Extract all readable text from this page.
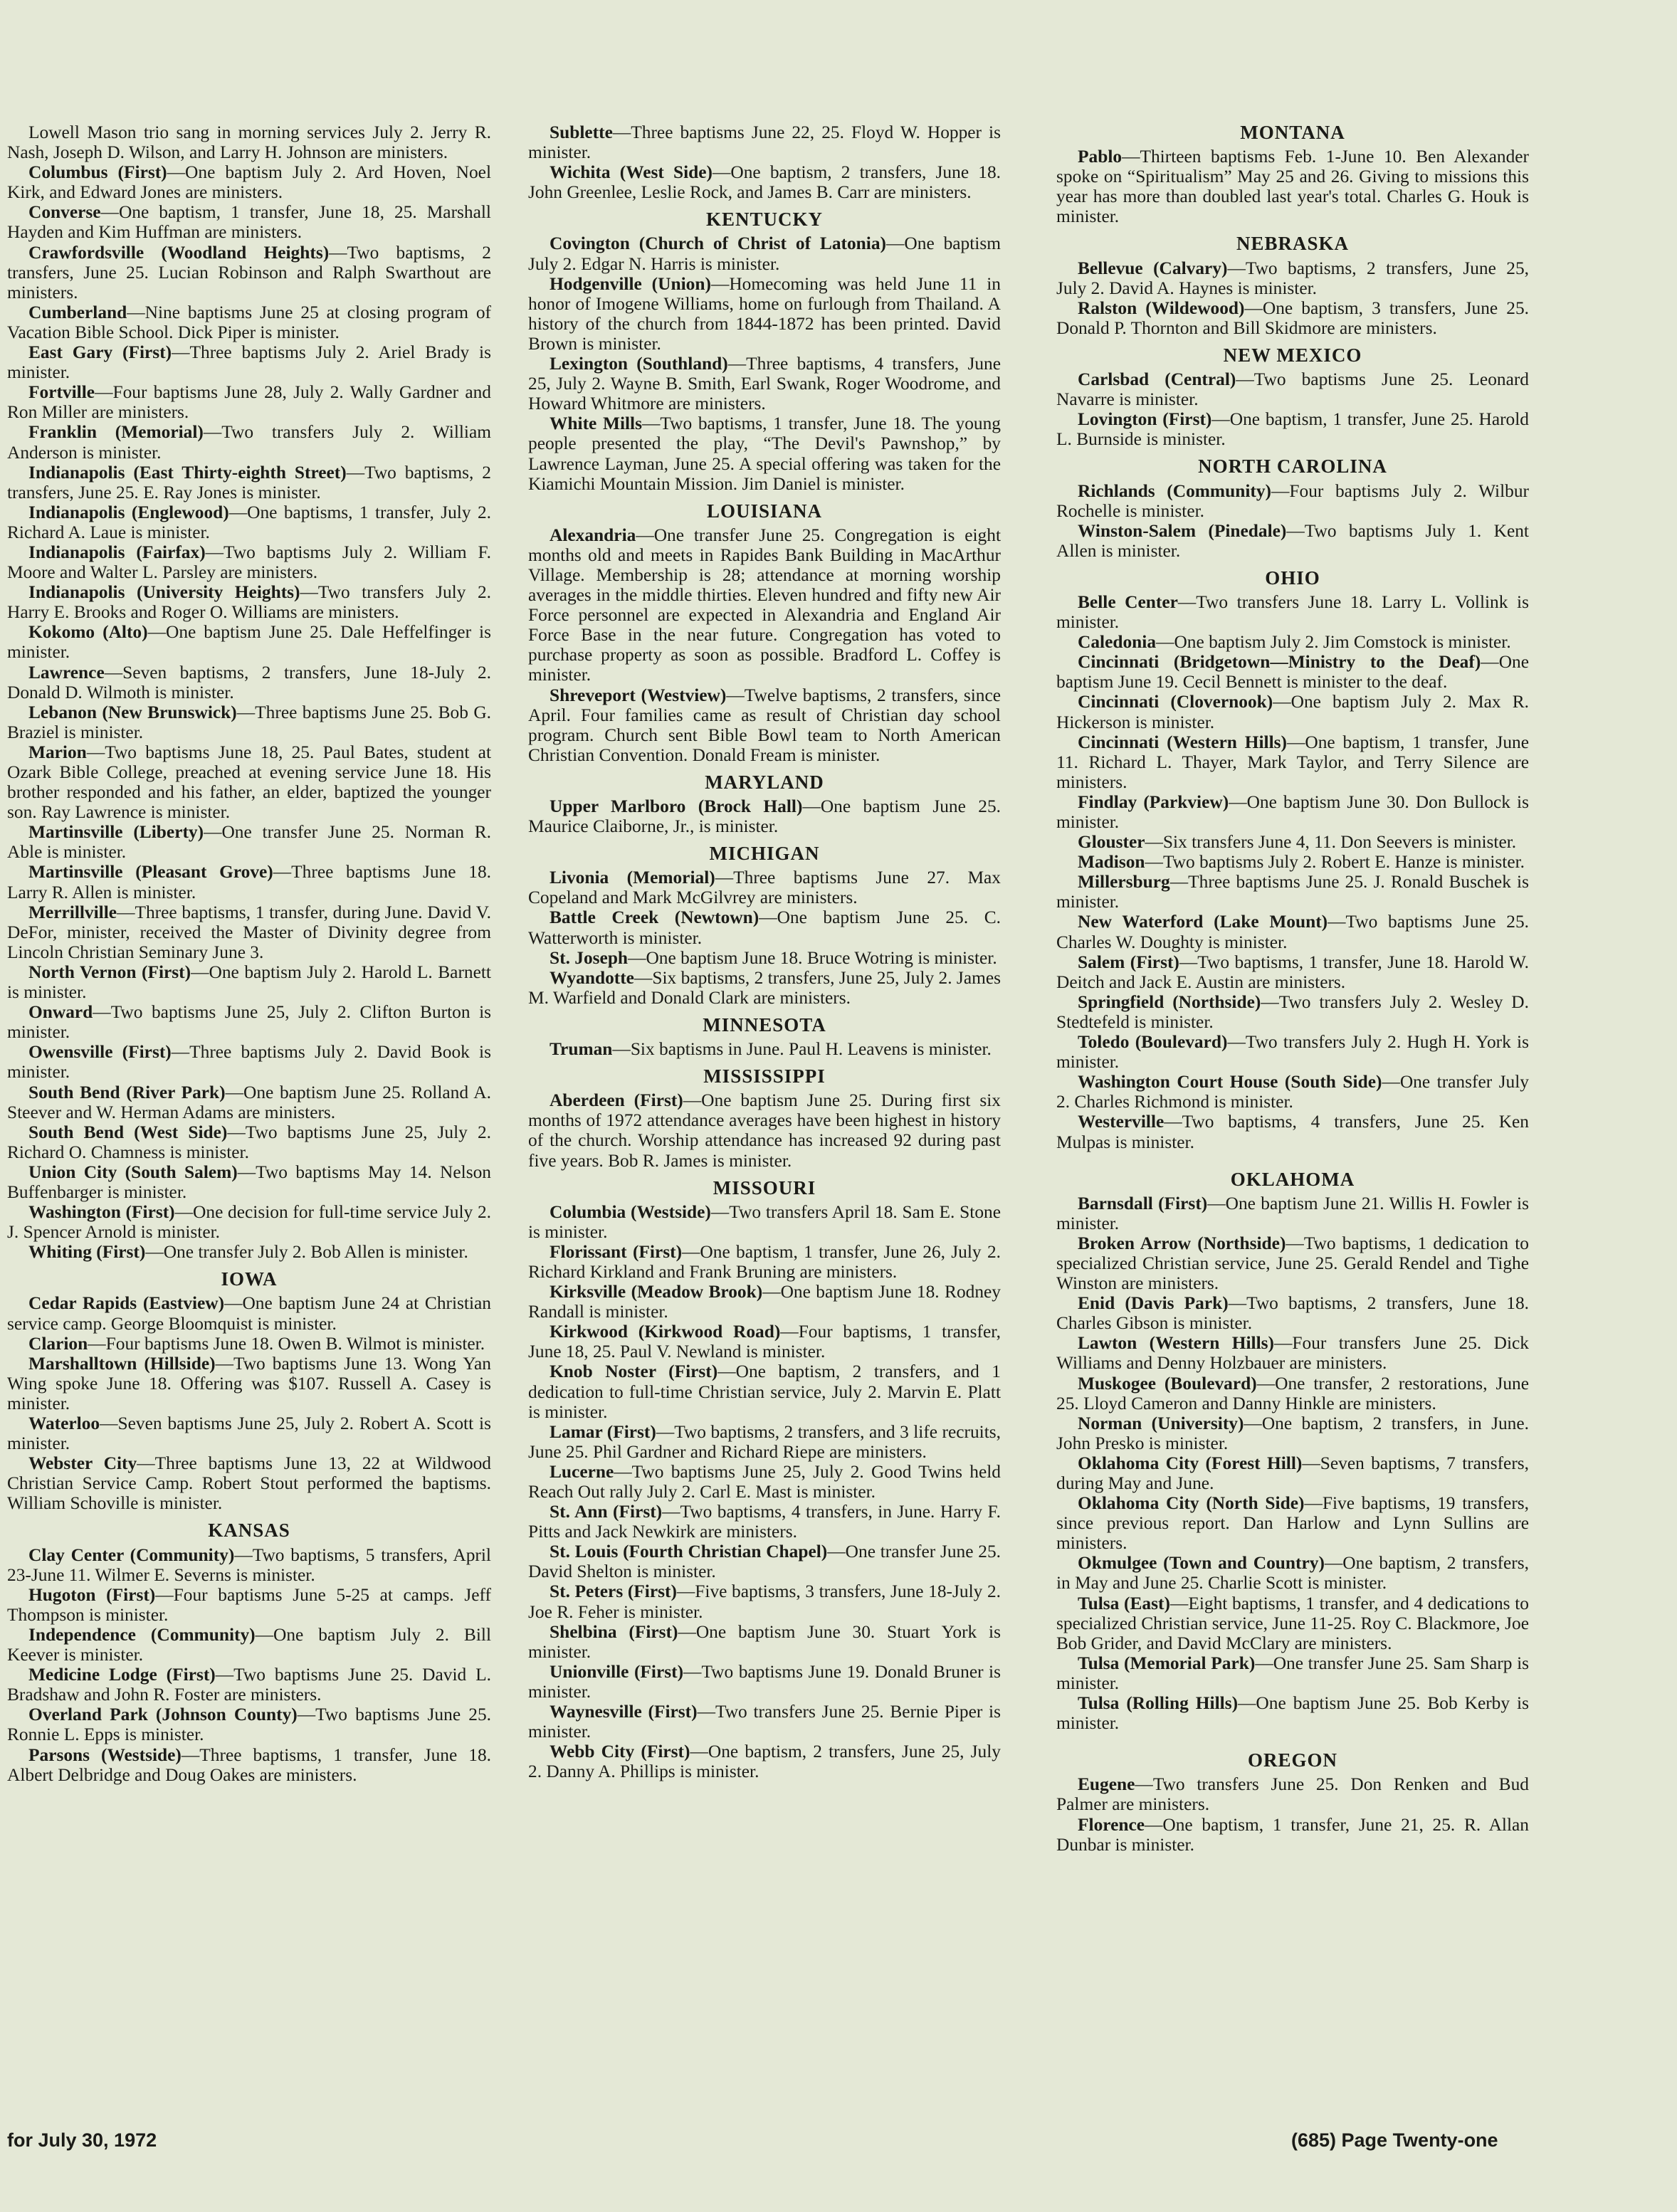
Lowell Mason trio sang in morning services July 2. Jerry R. Nash, Joseph D. Wilson, and Larry H. Johnson are ministers.

Columbus (First)—One baptism July 2. Ard Hoven, Noel Kirk, and Edward Jones are ministers.

Converse—One baptism, 1 transfer, June 18, 25. Marshall Hayden and Kim Huffman are ministers.

Crawfordsville (Woodland Heights)—Two baptisms, 2 transfers, June 25. Lucian Robinson and Ralph Swarthout are ministers.

Cumberland—Nine baptisms June 25 at closing program of Vacation Bible School. Dick Piper is minister.

East Gary (First)—Three baptisms July 2. Ariel Brady is minister.

Fortville—Four baptisms June 28, July 2. Wally Gardner and Ron Miller are ministers.

Franklin (Memorial)—Two transfers July 2. William Anderson is minister.

Indianapolis (East Thirty-eighth Street)—Two baptisms, 2 transfers, June 25. E. Ray Jones is minister.

Indianapolis (Englewood)—One baptisms, 1 transfer, July 2. Richard A. Laue is minister.

Indianapolis (Fairfax)—Two baptisms July 2. William F. Moore and Walter L. Parsley are ministers.

Indianapolis (University Heights)—Two transfers July 2. Harry E. Brooks and Roger O. Williams are ministers.

Kokomo (Alto)—One baptism June 25. Dale Heffelfinger is minister.

Lawrence—Seven baptisms, 2 transfers, June 18-July 2. Donald D. Wilmoth is minister.

Lebanon (New Brunswick)—Three baptisms June 25. Bob G. Braziel is minister.

Marion—Two baptisms June 18, 25. Paul Bates, student at Ozark Bible College, preached at evening service June 18. His brother responded and his father, an elder, baptized the younger son. Ray Lawrence is minister.

Martinsville (Liberty)—One transfer June 25. Norman R. Able is minister.

Martinsville (Pleasant Grove)—Three baptisms June 18. Larry R. Allen is minister.

Merrillville—Three baptisms, 1 transfer, during June. David V. DeFor, minister, received the Master of Divinity degree from Lincoln Christian Seminary June 3.

North Vernon (First)—One baptism July 2. Harold L. Barnett is minister.

Onward—Two baptisms June 25, July 2. Clifton Burton is minister.

Owensville (First)—Three baptisms July 2. David Book is minister.

South Bend (River Park)—One baptism June 25. Rolland A. Steever and W. Herman Adams are ministers.

South Bend (West Side)—Two baptisms June 25, July 2. Richard O. Chamness is minister.

Union City (South Salem)—Two baptisms May 14. Nelson Buffenbarger is minister.

Washington (First)—One decision for full-time service July 2. J. Spencer Arnold is minister.

Whiting (First)—One transfer July 2. Bob Allen is minister.

IOWA

Cedar Rapids (Eastview)—One baptism June 24 at Christian service camp. George Bloomquist is minister.

Clarion—Four baptisms June 18. Owen B. Wilmot is minister.

Marshalltown (Hillside)—Two baptisms June 13. Wong Yan Wing spoke June 18. Offering was $107. Russell A. Casey is minister.

Waterloo—Seven baptisms June 25, July 2. Robert A. Scott is minister.

Webster City—Three baptisms June 13, 22 at Wildwood Christian Service Camp. Robert Stout performed the baptisms. William Schoville is minister.

KANSAS

Clay Center (Community)—Two baptisms, 5 transfers, April 23-June 11. Wilmer E. Severns is minister.

Hugoton (First)—Four baptisms June 5-25 at camps. Jeff Thompson is minister.

Independence (Community)—One baptism July 2. Bill Keever is minister.

Medicine Lodge (First)—Two baptisms June 25. David L. Bradshaw and John R. Foster are ministers.

Overland Park (Johnson County)—Two baptisms June 25. Ronnie L. Epps is minister.

Parsons (Westside)—Three baptisms, 1 transfer, June 18. Albert Delbridge and Doug Oakes are ministers.

Sublette—Three baptisms June 22, 25. Floyd W. Hopper is minister.

Wichita (West Side)—One baptism, 2 transfers, June 18. John Greenlee, Leslie Rock, and James B. Carr are ministers.

KENTUCKY

Covington (Church of Christ of Latonia)—One baptism July 2. Edgar N. Harris is minister.

Hodgenville (Union)—Homecoming was held June 11 in honor of Imogene Williams, home on furlough from Thailand. A history of the church from 1844-1872 has been printed. David Brown is minister.

Lexington (Southland)—Three baptisms, 4 transfers, June 25, July 2. Wayne B. Smith, Earl Swank, Roger Woodrome, and Howard Whitmore are ministers.

White Mills—Two baptisms, 1 transfer, June 18. The young people presented the play, “The Devil's Pawnshop,” by Lawrence Layman, June 25. A special offering was taken for the Kiamichi Mountain Mission. Jim Daniel is minister.

LOUISIANA

Alexandria—One transfer June 25. Congregation is eight months old and meets in Rapides Bank Building in MacArthur Village. Membership is 28; attendance at morning worship averages in the middle thirties. Eleven hundred and fifty new Air Force personnel are expected in Alexandria and England Air Force Base in the near future. Congregation has voted to purchase property as soon as possible. Bradford L. Coffey is minister.

Shreveport (Westview)—Twelve baptisms, 2 transfers, since April. Four families came as result of Christian day school program. Church sent Bible Bowl team to North American Christian Convention. Donald Fream is minister.

MARYLAND

Upper Marlboro (Brock Hall)—One baptism June 25. Maurice Claiborne, Jr., is minister.

MICHIGAN

Livonia (Memorial)—Three baptisms June 27. Max Copeland and Mark McGilvrey are ministers.

Battle Creek (Newtown)—One baptism June 25. C. Watterworth is minister.

St. Joseph—One baptism June 18. Bruce Wotring is minister.

Wyandotte—Six baptisms, 2 transfers, June 25, July 2. James M. Warfield and Donald Clark are ministers.

MINNESOTA

Truman—Six baptisms in June. Paul H. Leavens is minister.

MISSISSIPPI

Aberdeen (First)—One baptism June 25. During first six months of 1972 attendance averages have been highest in history of the church. Worship attendance has increased 92 during past five years. Bob R. James is minister.

MISSOURI

Columbia (Westside)—Two transfers April 18. Sam E. Stone is minister.

Florissant (First)—One baptism, 1 transfer, June 26, July 2. Richard Kirkland and Frank Bruning are ministers.

Kirksville (Meadow Brook)—One baptism June 18. Rodney Randall is minister.

Kirkwood (Kirkwood Road)—Four baptisms, 1 transfer, June 18, 25. Paul V. Newland is minister.

Knob Noster (First)—One baptism, 2 transfers, and 1 dedication to full-time Christian service, July 2. Marvin E. Platt is minister.

Lamar (First)—Two baptisms, 2 transfers, and 3 life recruits, June 25. Phil Gardner and Richard Riepe are ministers.

Lucerne—Two baptisms June 25, July 2. Good Twins held Reach Out rally July 2. Carl E. Mast is minister.

St. Ann (First)—Two baptisms, 4 transfers, in June. Harry F. Pitts and Jack Newkirk are ministers.

St. Louis (Fourth Christian Chapel)—One transfer June 25. David Shelton is minister.

St. Peters (First)—Five baptisms, 3 transfers, June 18-July 2. Joe R. Feher is minister.

Shelbina (First)—One baptism June 30. Stuart York is minister.

Unionville (First)—Two baptisms June 19. Donald Bruner is minister.

Waynesville (First)—Two transfers June 25. Bernie Piper is minister.

Webb City (First)—One baptism, 2 transfers, June 25, July 2. Danny A. Phillips is minister.

MONTANA

Pablo—Thirteen baptisms Feb. 1-June 10. Ben Alexander spoke on “Spiritualism” May 25 and 26. Giving to missions this year has more than doubled last year's total. Charles G. Houk is minister.

NEBRASKA

Bellevue (Calvary)—Two baptisms, 2 transfers, June 25, July 2. David A. Haynes is minister.

Ralston (Wildewood)—One baptism, 3 transfers, June 25. Donald P. Thornton and Bill Skidmore are ministers.

NEW MEXICO

Carlsbad (Central)—Two baptisms June 25. Leonard Navarre is minister.

Lovington (First)—One baptism, 1 transfer, June 25. Harold L. Burnside is minister.

NORTH CAROLINA

Richlands (Community)—Four baptisms July 2. Wilbur Rochelle is minister.

Winston-Salem (Pinedale)—Two baptisms July 1. Kent Allen is minister.

OHIO

Belle Center—Two transfers June 18. Larry L. Vollink is minister.

Caledonia—One baptism July 2. Jim Comstock is minister.

Cincinnati (Bridgetown—Ministry to the Deaf)—One baptism June 19. Cecil Bennett is minister to the deaf.

Cincinnati (Clovernook)—One baptism July 2. Max R. Hickerson is minister.

Cincinnati (Western Hills)—One baptism, 1 transfer, June 11. Richard L. Thayer, Mark Taylor, and Terry Silence are ministers.

Findlay (Parkview)—One baptism June 30. Don Bullock is minister.

Glouster—Six transfers June 4, 11. Don Seevers is minister.

Madison—Two baptisms July 2. Robert E. Hanze is minister.

Millersburg—Three baptisms June 25. J. Ronald Buschek is minister.

New Waterford (Lake Mount)—Two baptisms June 25. Charles W. Doughty is minister.

Salem (First)—Two baptisms, 1 transfer, June 18. Harold W. Deitch and Jack E. Austin are ministers.

Springfield (Northside)—Two transfers July 2. Wesley D. Stedtefeld is minister.

Toledo (Boulevard)—Two transfers July 2. Hugh H. York is minister.

Washington Court House (South Side)—One transfer July 2. Charles Richmond is minister.

Westerville—Two baptisms, 4 transfers, June 25. Ken Mulpas is minister.

OKLAHOMA

Barnsdall (First)—One baptism June 21. Willis H. Fowler is minister.

Broken Arrow (Northside)—Two baptisms, 1 dedication to specialized Christian service, June 25. Gerald Rendel and Tighe Winston are ministers.

Enid (Davis Park)—Two baptisms, 2 transfers, June 18. Charles Gibson is minister.

Lawton (Western Hills)—Four transfers June 25. Dick Williams and Denny Holzbauer are ministers.

Muskogee (Boulevard)—One transfer, 2 restorations, June 25. Lloyd Cameron and Danny Hinkle are ministers.

Norman (University)—One baptism, 2 transfers, in June. John Presko is minister.

Oklahoma City (Forest Hill)—Seven baptisms, 7 transfers, during May and June.

Oklahoma City (North Side)—Five baptisms, 19 transfers, since previous report. Dan Harlow and Lynn Sullins are ministers.

Okmulgee (Town and Country)—One baptism, 2 transfers, in May and June 25. Charlie Scott is minister.

Tulsa (East)—Eight baptisms, 1 transfer, and 4 dedications to specialized Christian service, June 11-25. Roy C. Blackmore, Joe Bob Grider, and David McClary are ministers.

Tulsa (Memorial Park)—One transfer June 25. Sam Sharp is minister.

Tulsa (Rolling Hills)—One baptism June 25. Bob Kerby is minister.

OREGON

Eugene—Two transfers June 25. Don Renken and Bud Palmer are ministers.

Florence—One baptism, 1 transfer, June 21, 25. R. Allan Dunbar is minister.

for July 30, 1972	(685) Page Twenty-one
